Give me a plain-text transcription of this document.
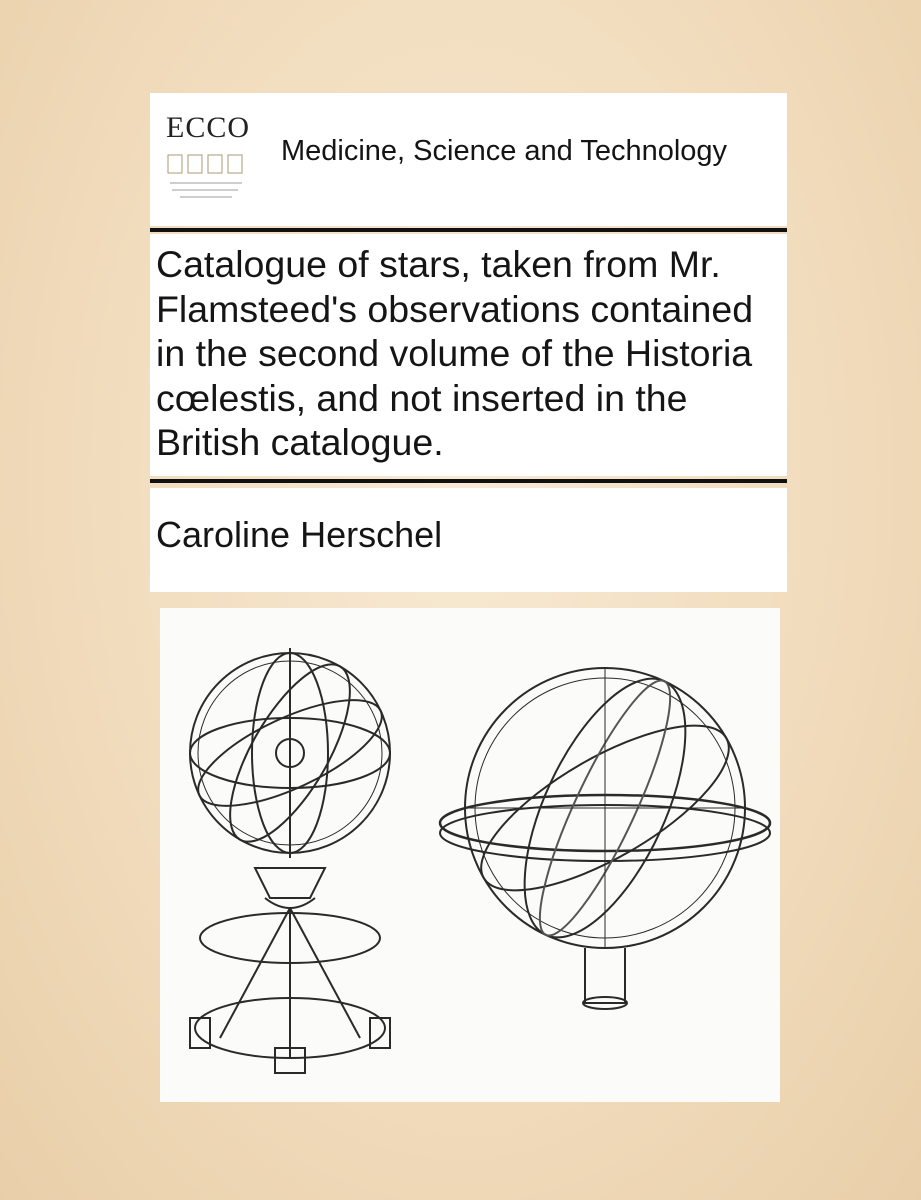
ECCO
Medicine, Science and Technology
Catalogue of stars, taken from Mr. Flamsteed's observations contained in the second volume of the Historia cœlestis, and not inserted in the British catalogue.
Caroline Herschel
